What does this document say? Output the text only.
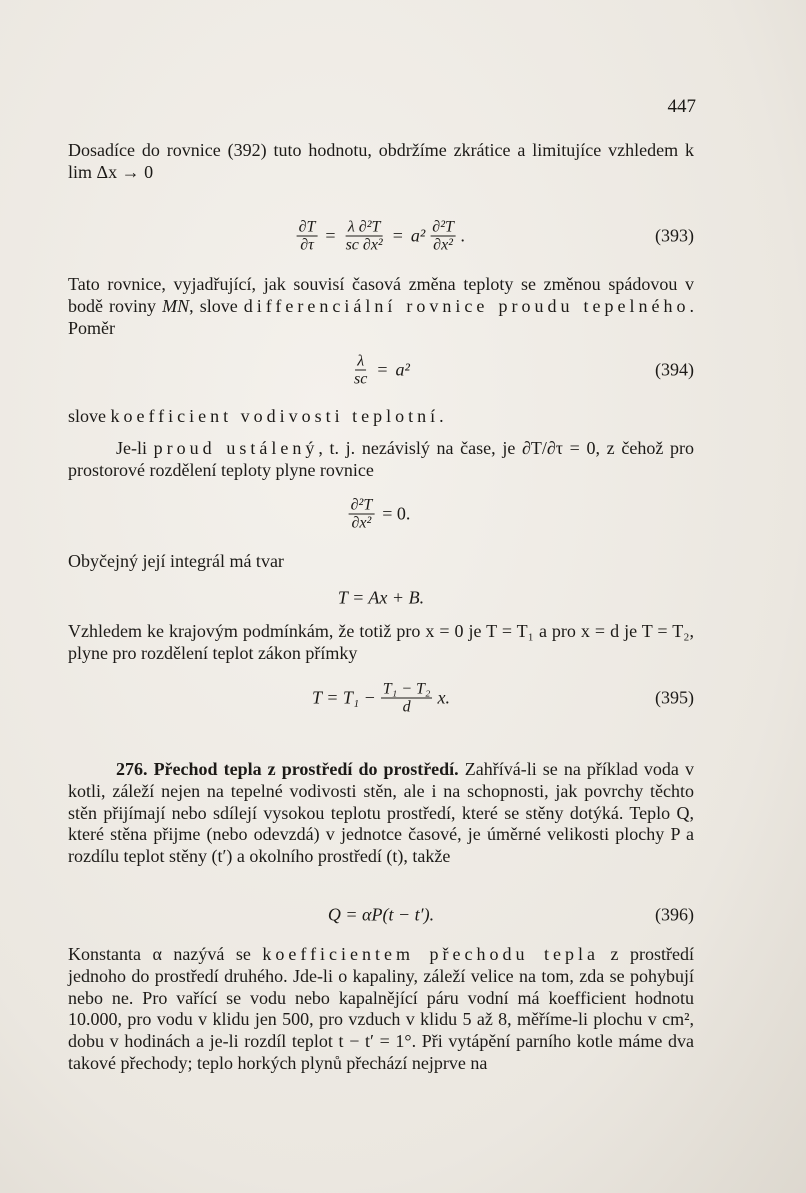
447

Dosadíce do rovnice (392) tuto hodnotu, obdržíme zkrátice a limitujíce vzhledem k lim Δx → 0

$\frac{\partial T}{\partial\tau} = \frac{\text{λ ∂²T}}{\text{sc ∂x²}} = a^2$ ∂²T
∂x² .	(393)

Tato rovnice, vyjadřující, jak souvisí časová změna teploty se změnou spádovou v bodě roviny MN, slove differenciální rovnice proudu tepelného. Poměr

$\frac{\lambda}{sc} = a^2$	(394)

slove koefficient vodivosti teplotní.

Je-li proud ustálený, t. j. nezávislý na čase, je ∂T/∂τ = 0, z čehož pro prostorové rozdělení teploty plyne rovnice

$\frac{\text{∂²T}}{\text{∂x²}} = 0$.

Obyčejný její integrál má tvar

T = Ax + B.

Vzhledem ke krajovým podmínkám, že totiž pro x = 0 je T = T₁ a pro x = d je T = T₂, plyne pro rozdělení teplot zákon přímky

$T = T_1 - \frac{\text{T₁ − T₂}}{d} x$.	(395)

276. Přechod tepla z prostředí do prostředí. Zahřívá-li se na příklad voda v kotli, záleží nejen na tepelné vodivosti stěn, ale i na schopnosti, jak povrchy těchto stěn přijímají nebo sdílejí vysokou teplotu prostředí, které se stěny dotýká. Teplo Q, které stěna přijme (nebo odevzdá) v jednotce časové, je úměrné velikosti plochy P a rozdílu teplot stěny (t′) a okolního prostředí (t), takže

Q = αP(t − t′).	(396)

Konstanta α nazývá se koefficientem přechodu tepla z prostředí jednoho do prostředí druhého. Jde-li o kapaliny, záleží velice na tom, zda se pohybují nebo ne. Pro vařící se vodu nebo kapalnějící páru vodní má koefficient hodnotu 10.000, pro vodu v klidu jen 500, pro vzduch v klidu 5 až 8, měříme-li plochu v cm², dobu v hodinách a je-li rozdíl teplot t − t′ = 1°. Při vytápění parního kotle máme dva takové přechody; teplo horkých plynů přechází nejprve na
